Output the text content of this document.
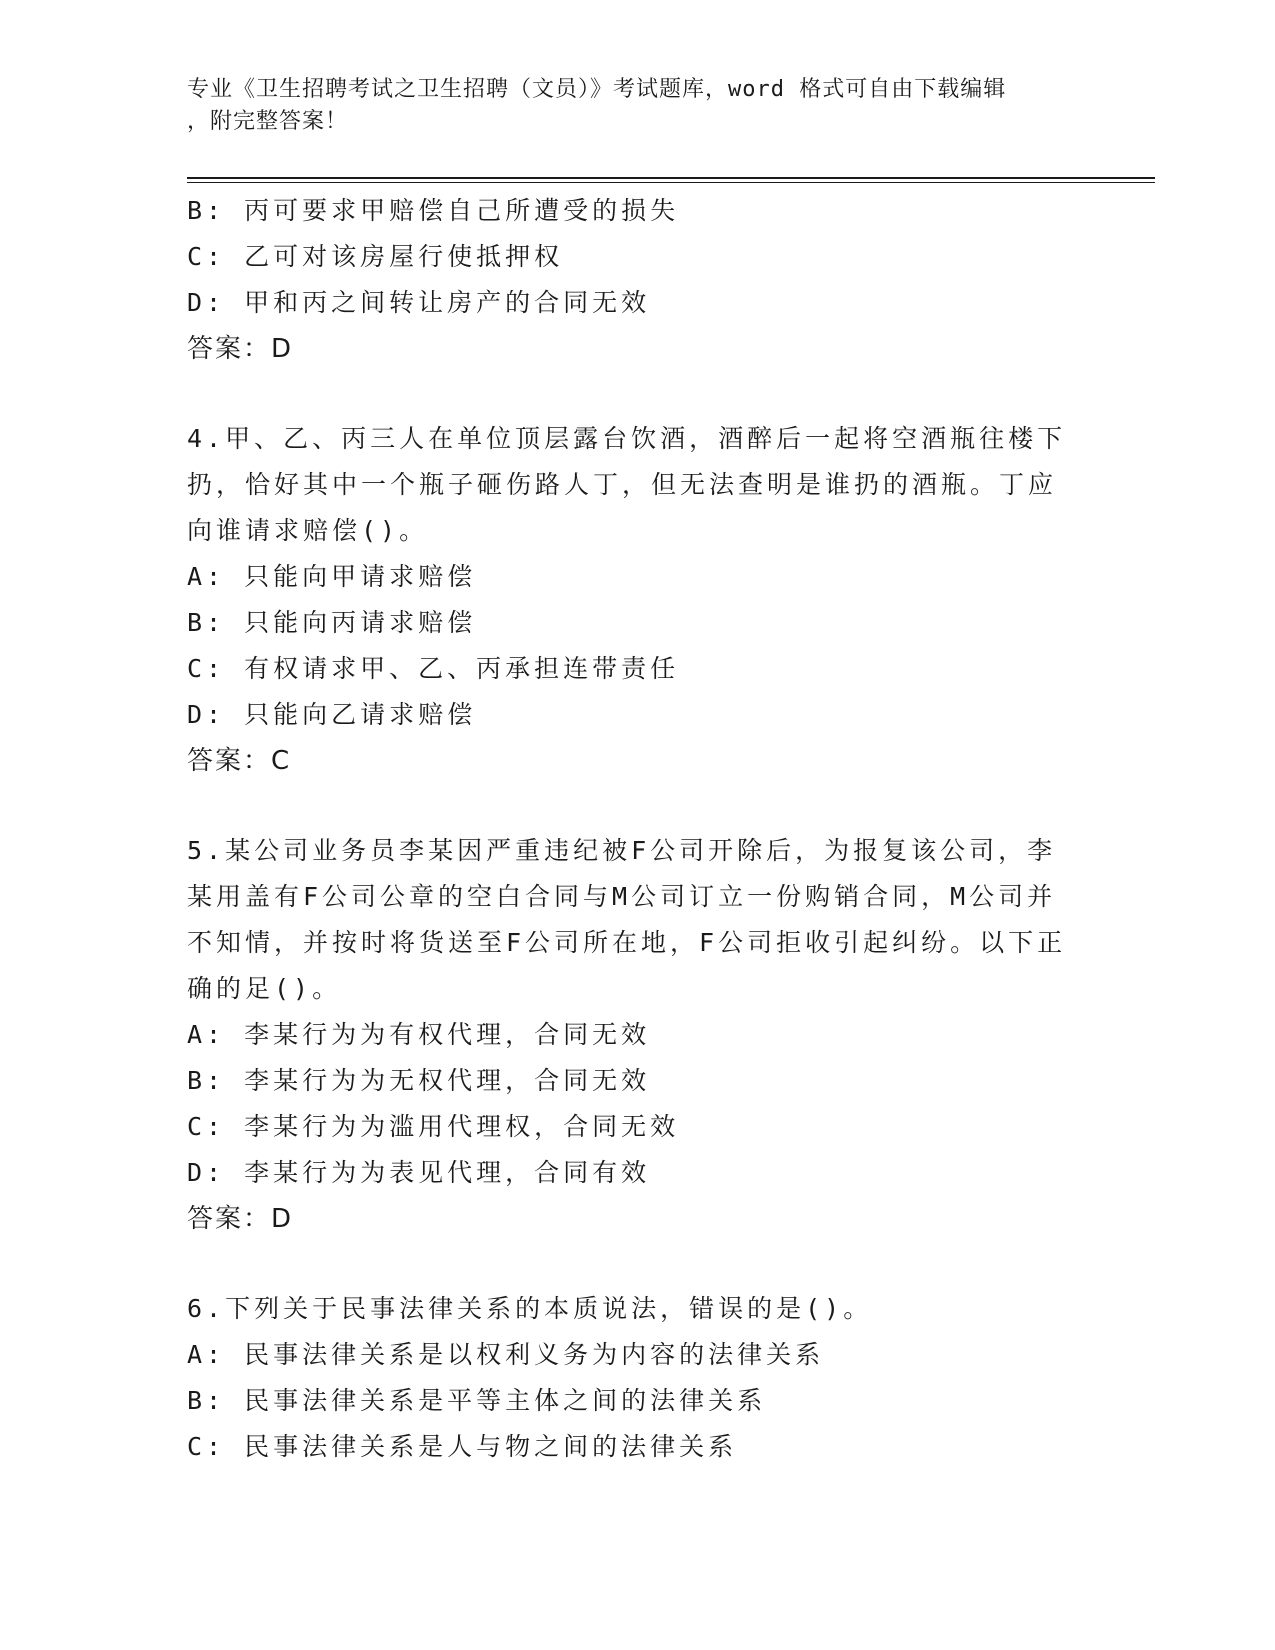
专业《卫生招聘考试之卫生招聘（文员）》考试题库，word 格式可自由下载编辑
，附完整答案！
B: 丙可要求甲赔偿自己所遭受的损失
C: 乙可对该房屋行使抵押权
D: 甲和丙之间转让房产的合同无效
答案：D
4.甲、乙、丙三人在单位顶层露台饮酒，酒醉后一起将空酒瓶往楼下
扔，恰好其中一个瓶子砸伤路人丁，但无法查明是谁扔的酒瓶。丁应
向谁请求赔偿()。
A: 只能向甲请求赔偿
B: 只能向丙请求赔偿
C: 有权请求甲、乙、丙承担连带责任
D: 只能向乙请求赔偿
答案：C
5.某公司业务员李某因严重违纪被F公司开除后，为报复该公司，李
某用盖有F公司公章的空白合同与M公司订立一份购销合同，M公司并
不知情，并按时将货送至F公司所在地，F公司拒收引起纠纷。以下正
确的足()。
A: 李某行为为有权代理，合同无效
B: 李某行为为无权代理，合同无效
C: 李某行为为滥用代理权，合同无效
D: 李某行为为表见代理，合同有效
答案：D
6.下列关于民事法律关系的本质说法，错误的是()。
A: 民事法律关系是以权利义务为内容的法律关系
B: 民事法律关系是平等主体之间的法律关系
C: 民事法律关系是人与物之间的法律关系
